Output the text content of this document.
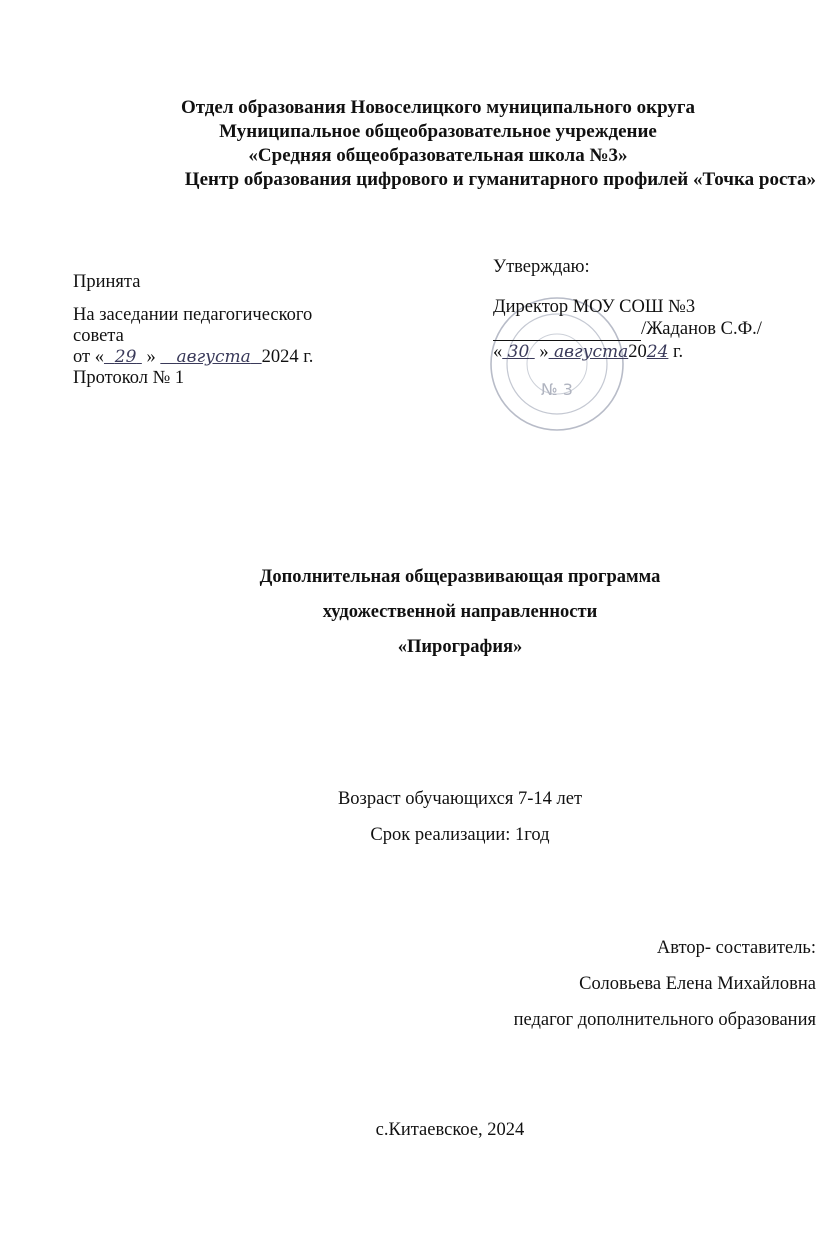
Отдел образования Новоселицкого муниципального округа
Муниципальное общеобразовательное учреждение
«Средняя общеобразовательная школа №3»
Центр образования цифрового и гуманитарного профилей «Точка роста»
Принята
На заседании педагогического
совета
от « 29 » августа 2024 г.
Протокол № 1
№ 3
Утверждаю:
Директор МОУ СОШ №3
/Жаданов С.Ф./
« 30 » августа2024 г.
Дополнительная общеразвивающая программа
художественной направленности
«Пирография»
Возраст обучающихся 7-14 лет
Срок реализации: 1год
Автор- составитель:
Соловьева Елена Михайловна
педагог дополнительного образования
с.Китаевское, 2024
